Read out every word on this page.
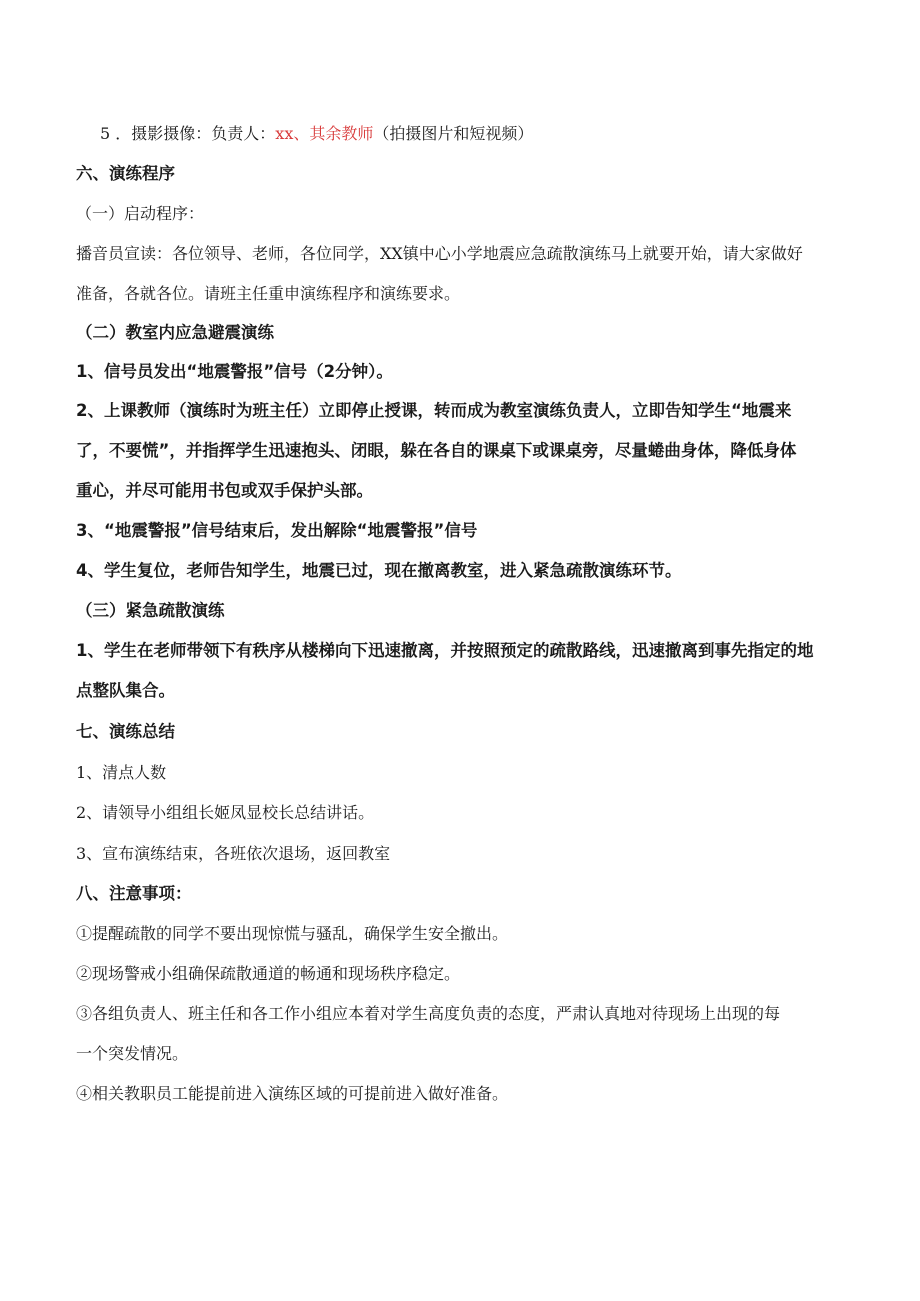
5 ．摄影摄像：负责人：xx、其余教师（拍摄图片和短视频）
六、演练程序
（一）启动程序：
播音员宣读：各位领导、老师，各位同学，XX镇中心小学地震应急疏散演练马上就要开始，请大家做好
准备，各就各位。请班主任重申演练程序和演练要求。
（二）教室内应急避震演练
1、信号员发出“地震警报”信号（2分钟）。
2、上课教师（演练时为班主任）立即停止授课，转而成为教室演练负责人，立即告知学生“地震来
了，不要慌”，并指挥学生迅速抱头、闭眼，躲在各自的课桌下或课桌旁，尽量蜷曲身体，降低身体
重心，并尽可能用书包或双手保护头部。
3、“地震警报”信号结束后，发出解除“地震警报”信号
4、学生复位，老师告知学生，地震已过，现在撤离教室，进入紧急疏散演练环节。
（三）紧急疏散演练
1、学生在老师带领下有秩序从楼梯向下迅速撤离，并按照预定的疏散路线，迅速撤离到事先指定的地
点整队集合。
七、演练总结
1、清点人数
2、请领导小组组长姬凤显校长总结讲话。
3、宣布演练结束，各班依次退场，返回教室
八、注意事项：
①提醒疏散的同学不要出现惊慌与骚乱，确保学生安全撤出。
②现场警戒小组确保疏散通道的畅通和现场秩序稳定。
③各组负责人、班主任和各工作小组应本着对学生高度负责的态度，严肃认真地对待现场上出现的每
一个突发情况。
④相关教职员工能提前进入演练区域的可提前进入做好准备。
